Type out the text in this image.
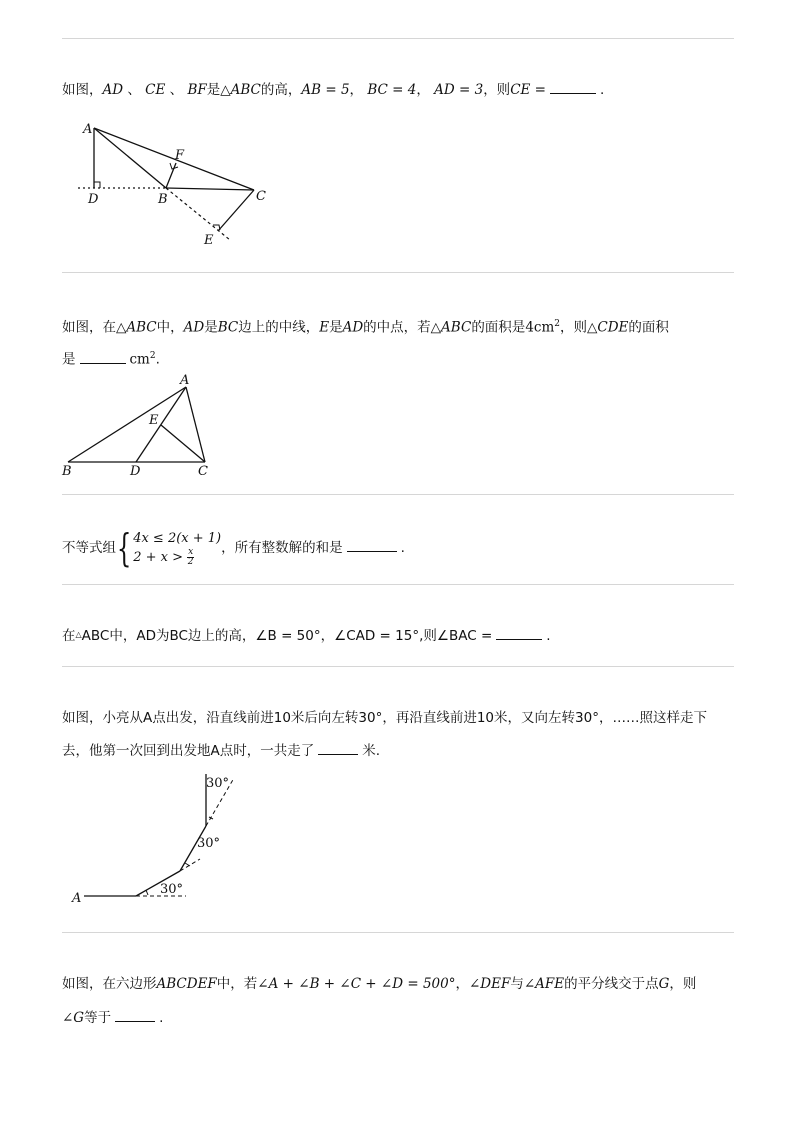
如图，AD 、 CE 、 BF是△ABC的高，AB = 5， BC = 4， AD = 3，则CE =	.
A
D	B	C
F
E
如图，在△ABC中，AD是BC边上的中线，E是AD的中点，若△ABC的面积是$4cm^2$，则△CDE的面积
是	$cm^2$.
A
E
B	D	C
不等式组{ 4x ≤ 2(x + 1)
$2 + x > \frac{x}{2}$ ，所有整数解的和是	.
在△ABC中，AD为BC边上的高，∠B = 50°，∠CAD = 15°,则∠BAC =	.
如图，小亮从A点出发，沿直线前进10米后向左转30°，再沿直线前进10米，又向左转30°，……照这样走下
去，他第一次回到出发地A点时，一共走了	米.
A
30°
30°
30°
如图，在六边形ABCDEF中，若∠A + ∠B + ∠C + ∠D = 500°，∠DEF与∠AFE的平分线交于点G，则
∠G等于	.
